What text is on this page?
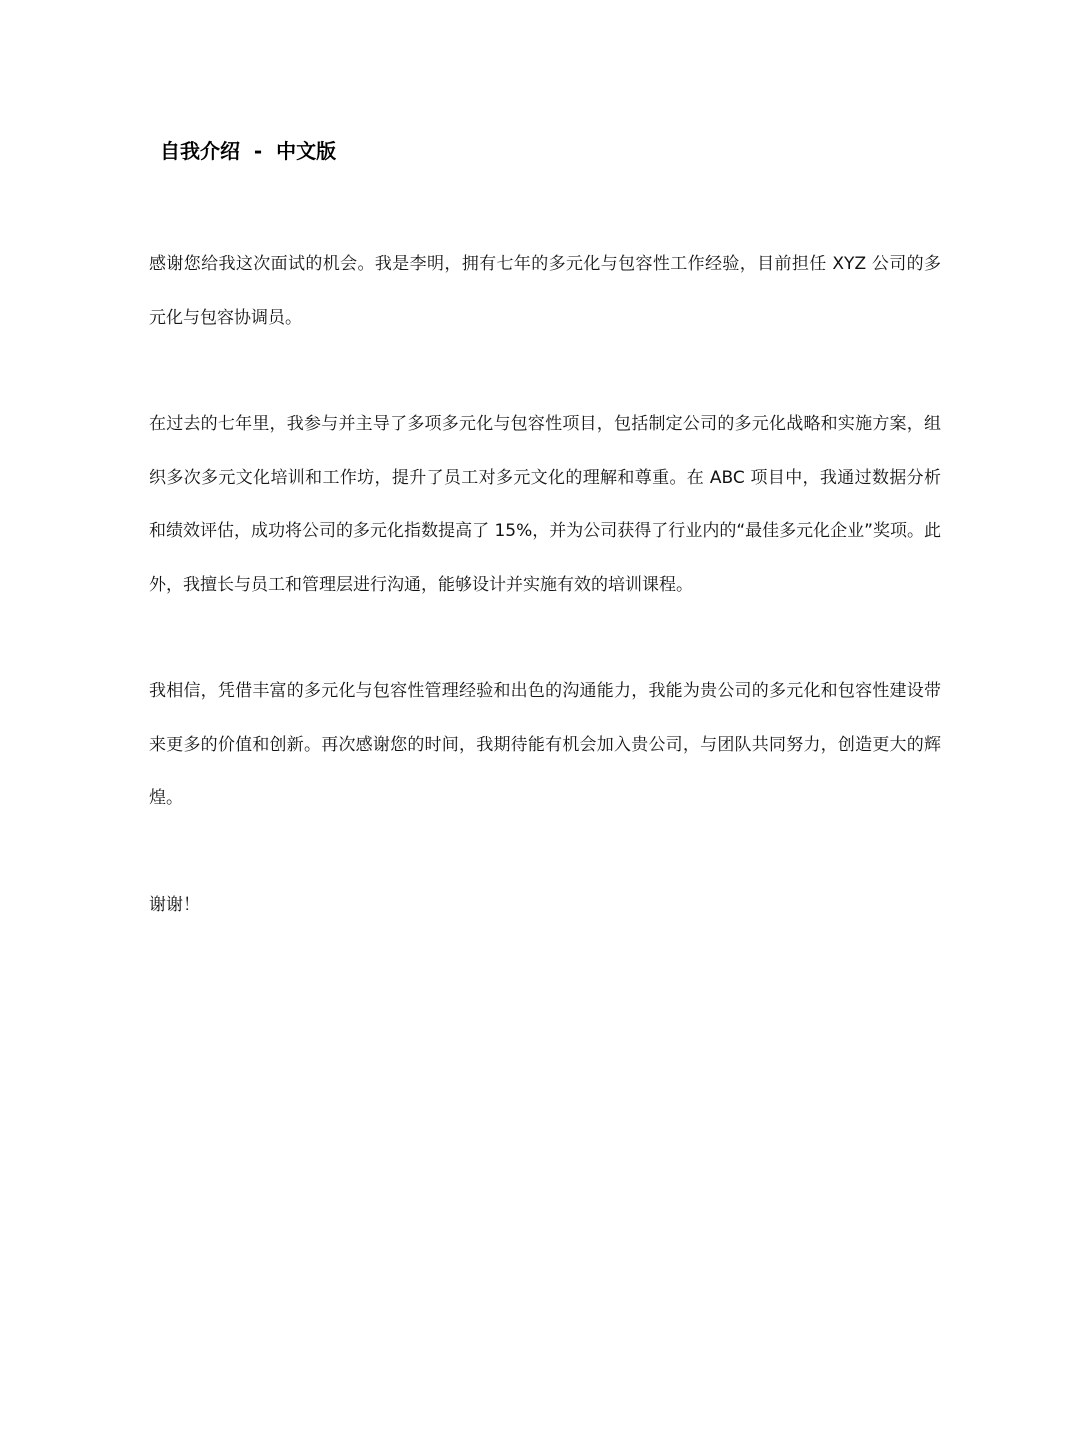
自我介绍  -  中文版

感谢您给我这次面试的机会。我是李明，拥有七年的多元化与包容性工作经验，目前担任 XYZ 公司的多元化与包容协调员。

在过去的七年里，我参与并主导了多项多元化与包容性项目，包括制定公司的多元化战略和实施方案，组织多次多元文化培训和工作坊，提升了员工对多元文化的理解和尊重。在 ABC 项目中，我通过数据分析和绩效评估，成功将公司的多元化指数提高了 15%，并为公司获得了行业内的“最佳多元化企业”奖项。此外，我擅长与员工和管理层进行沟通，能够设计并实施有效的培训课程。

我相信，凭借丰富的多元化与包容性管理经验和出色的沟通能力，我能为贵公司的多元化和包容性建设带来更多的价值和创新。再次感谢您的时间，我期待能有机会加入贵公司，与团队共同努力，创造更大的辉煌。

谢谢！
